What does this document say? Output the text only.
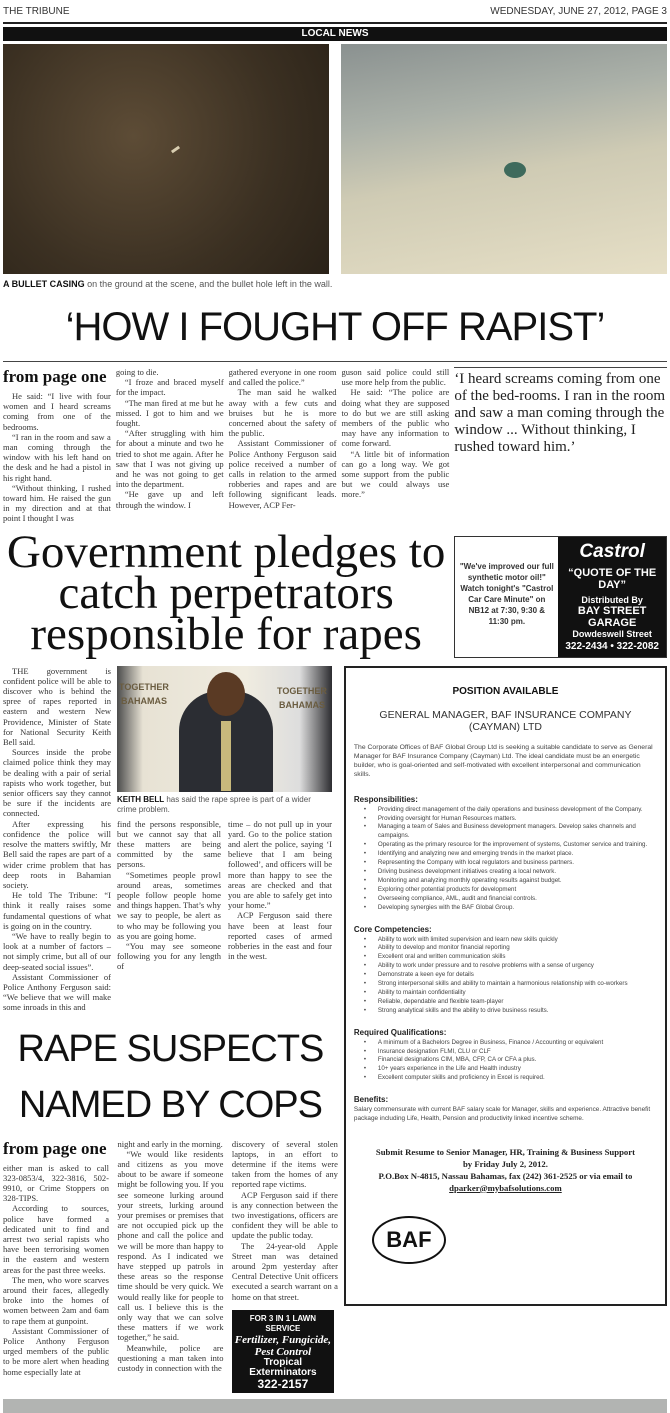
THE TRIBUNE	WEDNESDAY, JUNE 27, 2012, PAGE 3
LOCAL NEWS
A BULLET CASING on the ground at the scene, and the bullet hole left in the wall.
‘HOW I FOUGHT OFF RAPIST’
from page one

He said: “I live with four women and I heard screams coming from one of the bedrooms.

“I ran in the room and saw a man coming through the window with his left hand on the desk and he had a pistol in his right hand.

“Without thinking, I rushed toward him. He raised the gun in my direction and at that point I thought I was

going to die.

“I froze and braced myself for the impact.

“The man fired at me but he missed. I got to him and we fought.

“After struggling with him for about a minute and two he tried to shot me again. After he saw that I was not giving up and he was not going to get into the department.

“He gave up and left through the window. I

gathered everyone in one room and called the police.”

The man said he walked away with a few cuts and bruises but he is more concerned about the safety of the public.

Assistant Commissioner of Police Anthony Ferguson said police received a number of calls in relation to the armed robberies and rapes and are following significant leads. However, ACP Fer-

guson said police could still use more help from the public.

He said: “The police are doing what they are supposed to do but we are still asking members of the public who may have any information to come forward.

“A little bit of information can go a long way. We got some support from the public but we could always use more.”

‘I heard screams coming from one of the bed-rooms. I ran in the room and saw a man coming through the window ... Without thinking, I rushed toward him.’
Government pledges to catch perpetrators responsible for rapes
"We've improved our full synthetic motor oil!" Watch tonight's "Castrol Car Care Minute" on NB12 at 7:30, 9:30 & 11:30 pm.
Castrol
“QUOTE OF THE DAY”
Distributed By
BAY STREET GARAGE
Dowdeswell Street
322-2434 • 322-2082

THE government is confident police will be able to discover who is behind the spree of rapes reported in eastern and western New Providence, Minister of State for National Security Keith Bell said.

Sources inside the probe claimed police think they may be dealing with a pair of serial rapists who work together, but senior officers say they cannot be sure if the incidents are connected.

After expressing his confidence the police will resolve the matters swiftly, Mr Bell said the rapes are part of a wider crime problem that has deep roots in Bahamian society.

He told The Tribune: “I think it really raises some fundamental questions of what is going on in the country.

“We have to really begin to look at a number of factors – not simply crime, but all of our deep-seated social issues”.

Assistant Commissioner of Police Anthony Ferguson said: “We believe that we will make some inroads in this and

TOGETHER	TOGETHER
BAHAMAS	BAHAMAS
KEITH BELL has said the rape spree is part of a wider crime problem.

find the persons responsible, but we cannot say that all these matters are being committed by the same persons.

“Sometimes people prowl around areas, sometimes people follow people home and things happen. That’s why we say to people, be alert as to who may be following you as you are going home.

“You may see someone following you for any length of

time – do not pull up in your yard. Go to the police station and alert the police, saying ‘I believe that I am being followed’, and officers will be more than happy to see the areas are checked and that you are able to safely get into your home.”

ACP Ferguson said there have been at least four reported cases of armed robberies in the east and four in the west.

RAPE SUSPECTS
NAMED BY COPS
from page one

either man is asked to call 323-0853/4, 322-3816, 502-9910, or Crime Stoppers on 328-TIPS.

According to sources, police have formed a dedicated unit to find and arrest two serial rapists who have been terrorising women in the eastern and western areas for the past three weeks.

The men, who wore scarves around their faces, allegedly broke into the homes of women between 2am and 6am to rape them at gunpoint.

Assistant Commissioner of Police Anthony Ferguson urged members of the public to be more alert when heading home especially late at

night and early in the morning.

“We would like residents and citizens as you move about to be aware if someone might be following you. If you see someone lurking around your streets, lurking around your premises or premises that are not occupied pick up the phone and call the police and we will be more than happy to respond. As I indicated we have stepped up patrols in these areas so the response time should be very quick. We would really like for people to call us. I believe this is the only way that we can solve these matters if we work together,” he said.

Meanwhile, police are questioning a man taken into custody in connection with the

discovery of several stolen laptops, in an effort to determine if the items were taken from the homes of any reported rape victims.

ACP Ferguson said if there is any connection between the two investigations, officers are confident they will be able to update the public today.

The 24-year-old Apple Street man was detained around 2pm yesterday after Central Detective Unit officers executed a search warrant on a home on that street.

FOR 3 IN 1 LAWN SERVICE
Fertilizer, Fungicide,
Pest Control
Tropical Exterminators
322-2157
POSITION AVAILABLE
GENERAL MANAGER, BAF INSURANCE COMPANY (CAYMAN) LTD
The Corporate Offices of BAF Global Group Ltd is seeking a suitable candidate to serve as General Manager for BAF Insurance Company (Cayman) Ltd. The ideal candidate must be an energetic builder, who is goal-oriented and self-motivated with excellent interpersonal and communication skills.
Responsibilities:
• Providing direct management of the daily operations and business development of the Company.
• Providing oversight for Human Resources matters.
• Managing a team of Sales and Business development managers. Develop sales channels and campaigns.
• Operating as the primary resource for the improvement of systems, Customer service and training.
• Identifying and analyzing new and emerging trends in the market place.
• Representing the Company with local regulators and business partners.
• Driving business development initiatives creating a local network.
• Monitoring and analyzing monthly operating results against budget.
• Exploring other potential products for development
• Overseeing compliance, AML, audit and financial controls.
• Developing synergies with the BAF Global Group.
Core Competencies:
• Ability to work with limited supervision and learn new skills quickly
• Ability to develop and monitor financial reporting
• Excellent oral and written communication skills
• Ability to work under pressure and to resolve problems with a sense of urgency
• Demonstrate a keen eye for details
• Strong interpersonal skills and ability to maintain a harmonious relationship with co-workers
• Ability to maintain confidentiality
• Reliable, dependable and flexible team-player
• Strong analytical skills and the ability to drive business results.
Required Qualifications:
• A minimum of a Bachelors Degree in Business, Finance / Accounting or equivalent
• Insurance designation FLMI, CLU or CLF
• Financial designations CIM, MBA, CFP, CA or CFA a plus.
• 10+ years experience in the Life and Health industry
• Excellent computer skills and proficiency in Excel is required.
Benefits:
Salary commensurate with current BAF salary scale for Manager, skills and experience. Attractive benefit package including Life, Health, Pension and productivity linked incentive scheme.
Submit Resume to Senior Manager, HR, Training & Business Support
by Friday July 2, 2012.
P.O.Box N-4815, Nassau Bahamas, fax (242) 361-2525 or via email to
dparker@mybafsolutions.com
BAF
